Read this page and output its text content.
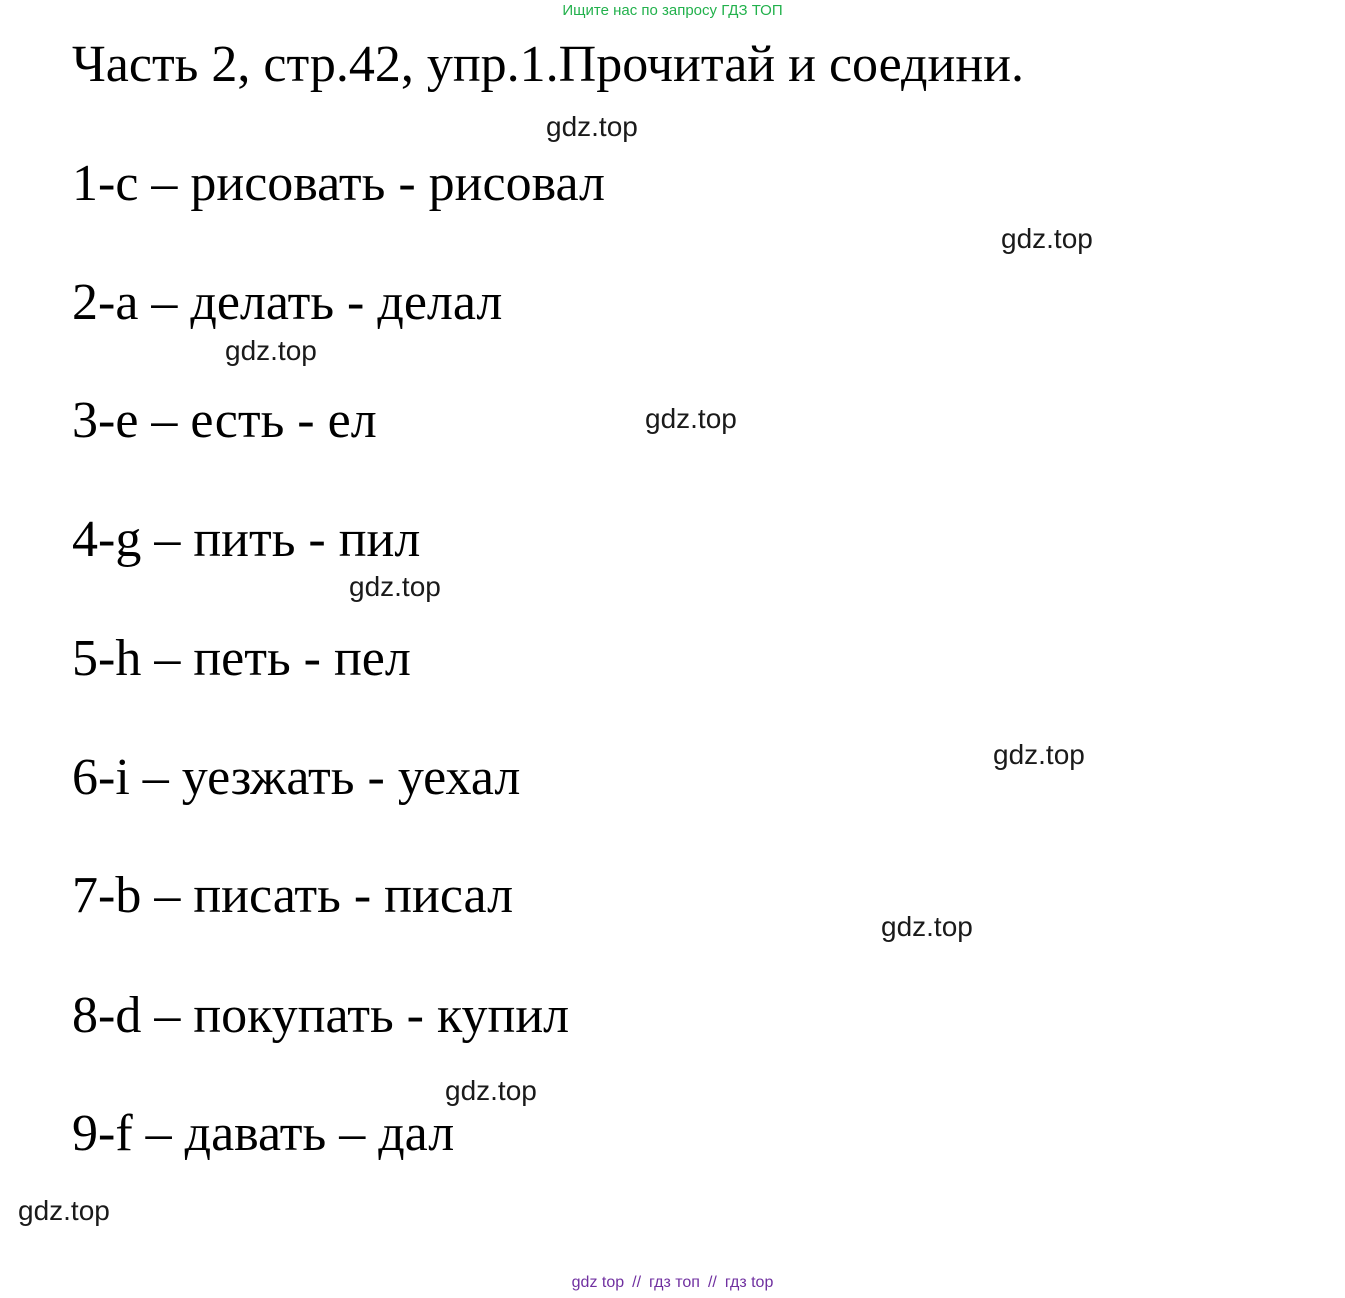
Ищите нас по запросу ГДЗ ТОП
Часть 2, стр.42, упр.1.Прочитай и соедини.
1-c – рисовать - рисовал
2-a – делать - делал
3-e – есть - ел
4-g – пить - пил
5-h – петь - пел
6-i – уезжать - уехал
7-b – писать - писал
8-d – покупать - купил
9-f – давать – дал
gdz.top
gdz.top
gdz.top
gdz.top
gdz.top
gdz.top
gdz.top
gdz.top
gdz.top
gdz top // гдз топ // гдз top
